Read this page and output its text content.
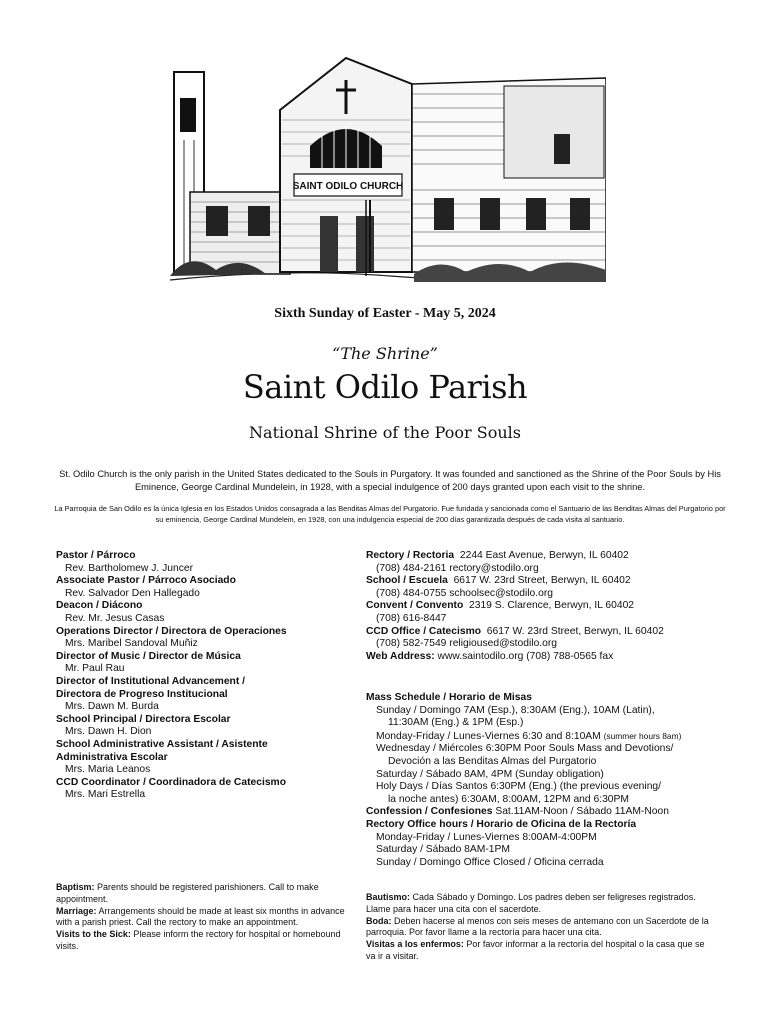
SAINT ODILO CHURCH
Sixth Sunday of Easter - May 5, 2024
“The Shrine”
Saint Odilo Parish
National Shrine of the Poor Souls
St. Odilo Church is the only parish in the United States dedicated to the Souls in Purgatory. It was founded and sanctioned as the Shrine of the Poor Souls by His Eminence, George Cardinal Mundelein, in 1928, with a special indulgence of 200 days granted upon each visit to the shrine.
La Parroquia de San Odilo es la única Iglesia en los Estados Unidos consagrada a las Benditas Almas del Purgatorio. Fue fundada y sancionada como el Santuario de las Benditas Almas del Purgatorio por su eminencia, George Cardinal Mundelein, en 1928, con una indulgencia especial de 200 días garantizada después de cada visita al santuario.
Pastor / Párroco
Rev. Bartholomew J. Juncer
Associate Pastor / Párroco Asociado
Rev. Salvador Den Hallegado
Deacon / Diácono
Rev. Mr. Jesus Casas
Operations Director / Directora de Operaciones
Mrs. Maribel Sandoval Muñiz
Director of Music / Director de Música
Mr. Paul Rau
Director of Institutional Advancement /
Directora de Progreso Institucional
Mrs. Dawn M. Burda
School Principal / Directora Escolar
Mrs. Dawn H. Dion
School Administrative Assistant / Asistente
Administrativa Escolar
Mrs. Maria Leanos
CCD Coordinator / Coordinadora de Catecismo
Mrs. Mari Estrella
Rectory / Rectoria 2244 East Avenue, Berwyn, IL 60402
(708) 484-2161 rectory@stodilo.org
School / Escuela 6617 W. 23rd Street, Berwyn, IL 60402
(708) 484-0755 schoolsec@stodilo.org
Convent / Convento 2319 S. Clarence, Berwyn, IL 60402
(708) 616-8447
CCD Office / Catecismo 6617 W. 23rd Street, Berwyn, IL 60402
(708) 582-7549 religioused@stodilo.org
Web Address: www.saintodilo.org (708) 788-0565 fax
Mass Schedule / Horario de Misas
Sunday / Domingo 7AM (Esp.), 8:30AM (Eng.), 10AM (Latin),
11:30AM (Eng.) & 1PM (Esp.)
Monday-Friday / Lunes-Viernes 6:30 and 8:10AM (summer hours 8am)
Wednesday / Miércoles 6:30PM Poor Souls Mass and Devotions/
Devoción a las Benditas Almas del Purgatorio
Saturday / Sábado 8AM, 4PM (Sunday obligation)
Holy Days / Días Santos 6:30PM (Eng.) (the previous evening/
la noche antes) 6:30AM, 8:00AM, 12PM and 6:30PM
Confession / Confesiones Sat.11AM-Noon / Sábado 11AM-Noon
Rectory Office hours / Horario de Oficina de la Rectoría
Monday-Friday / Lunes-Viernes 8:00AM-4:00PM
Saturday / Sábado 8AM-1PM
Sunday / Domingo Office Closed / Oficina cerrada
Baptism: Parents should be registered parishioners. Call to make appointment.
Marriage: Arrangements should be made at least six months in advance with a parish priest. Call the rectory to make an appointment.
Visits to the Sick: Please inform the rectory for hospital or homebound visits.
Bautismo: Cada Sábado y Domingo. Los padres deben ser feligreses registrados. Llame para hacer una cita con el sacerdote.
Boda: Deben hacerse al menos con seis meses de antemano con un Sacerdote de la parroquia. Por favor llame a la rectoría para hacer una cita.
Visitas a los enfermos: Por favor informar a la rectoría del hospital o la casa que se va ir a visitar.
